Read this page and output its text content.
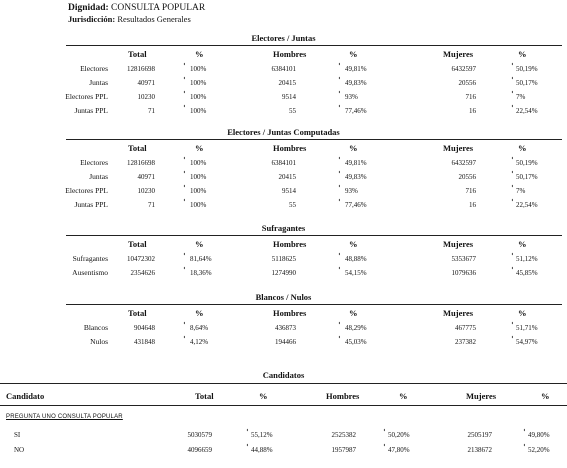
Dignidad: CONSULTA POPULAR
Jurisdicción: Resultados Generales
Electores / Juntas
Total	%	Hombres	%	Mujeres	%
Electores	12816698	100%	6384101	49,81%	6432597	50,19%
Juntas	40971	100%	20415	49,83%	20556	50,17%
Electores PPL	10230	100%	9514	93%	716	7%
Juntas PPL	71	100%	55	77,46%	16	22,54%
Electores / Juntas Computadas
Total	%	Hombres	%	Mujeres	%
Electores	12816698	100%	6384101	49,81%	6432597	50,19%
Juntas	40971	100%	20415	49,83%	20556	50,17%
Electores PPL	10230	100%	9514	93%	716	7%
Juntas PPL	71	100%	55	77,46%	16	22,54%
Sufragantes
Total	%	Hombres	%	Mujeres	%
Sufragantes	10472302	81,64%	5118625	48,88%	5353677	51,12%
Ausentismo	2354626	18,36%	1274990	54,15%	1079636	45,85%
Blancos / Nulos
Total	%	Hombres	%	Mujeres	%
Blancos	904648	8,64%	436873	48,29%	467775	51,71%
Nulos	431848	4,12%	194466	45,03%	237382	54,97%
Candidatos
Candidato	Total	%	Hombres	%	Mujeres	%
PREGUNTA UNO CONSULTA POPULAR
SI	5030579	55,12%	2525382	50,20%	2505197	49,80%
NO	4096659	44,88%	1957987	47,80%	2138672	52,20%
